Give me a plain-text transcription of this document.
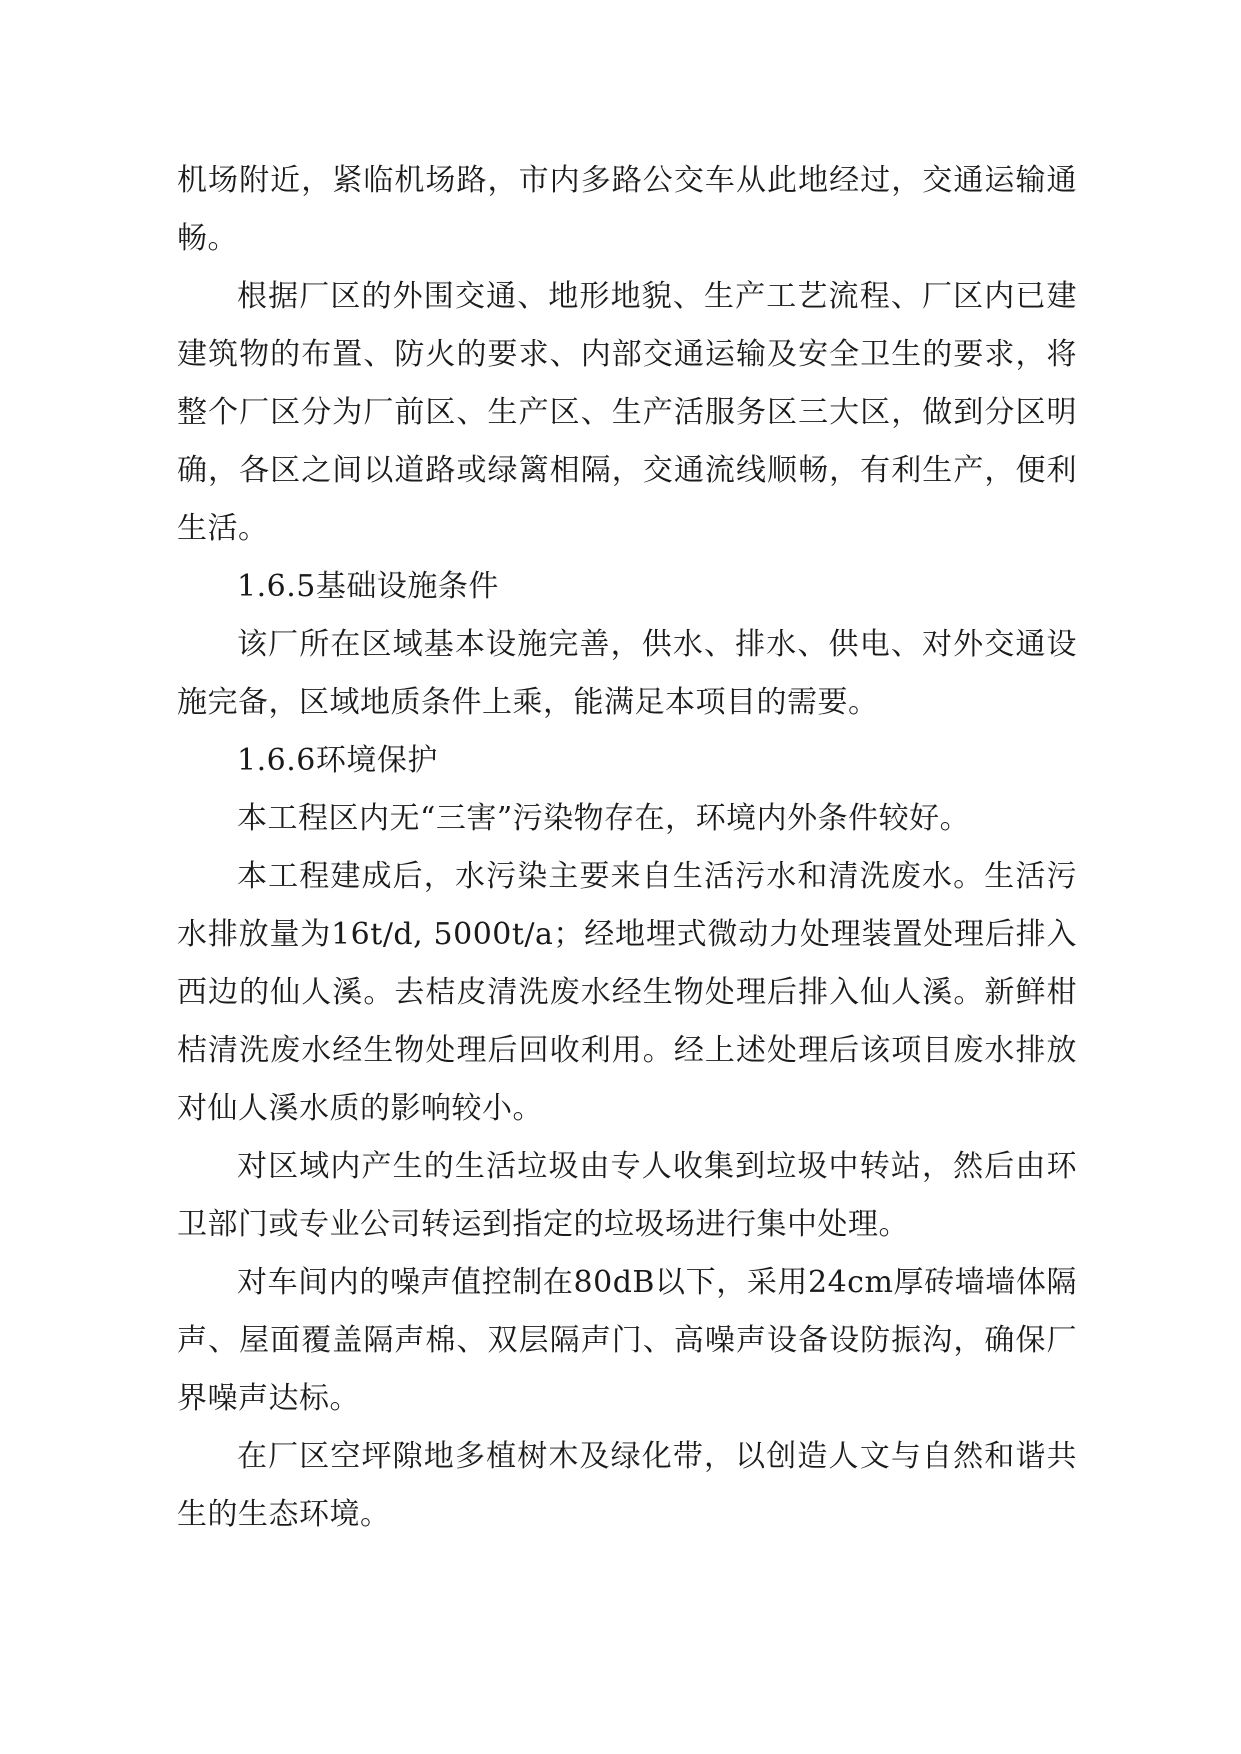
机场附近，紧临机场路，市内多路公交车从此地经过，交通运输通畅。

根据厂区的外围交通、地形地貌、生产工艺流程、厂区内已建建筑物的布置、防火的要求、内部交通运输及安全卫生的要求，将整个厂区分为厂前区、生产区、生产活服务区三大区，做到分区明确，各区之间以道路或绿篱相隔，交通流线顺畅，有利生产，便利生活。

1.6.5基础设施条件

该厂所在区域基本设施完善，供水、排水、供电、对外交通设施完备，区域地质条件上乘，能满足本项目的需要。

1.6.6环境保护

本工程区内无“三害”污染物存在，环境内外条件较好。

本工程建成后，水污染主要来自生活污水和清洗废水。生活污水排放量为16t/d, 5000t/a；经地埋式微动力处理装置处理后排入西边的仙人溪。去桔皮清洗废水经生物处理后排入仙人溪。新鲜柑桔清洗废水经生物处理后回收利用。经上述处理后该项目废水排放对仙人溪水质的影响较小。

对区域内产生的生活垃圾由专人收集到垃圾中转站，然后由环卫部门或专业公司转运到指定的垃圾场进行集中处理。

对车间内的噪声值控制在80dB以下，采用24cm厚砖墙墙体隔声、屋面覆盖隔声棉、双层隔声门、高噪声设备设防振沟，确保厂界噪声达标。

在厂区空坪隙地多植树木及绿化带，以创造人文与自然和谐共生的生态环境。
